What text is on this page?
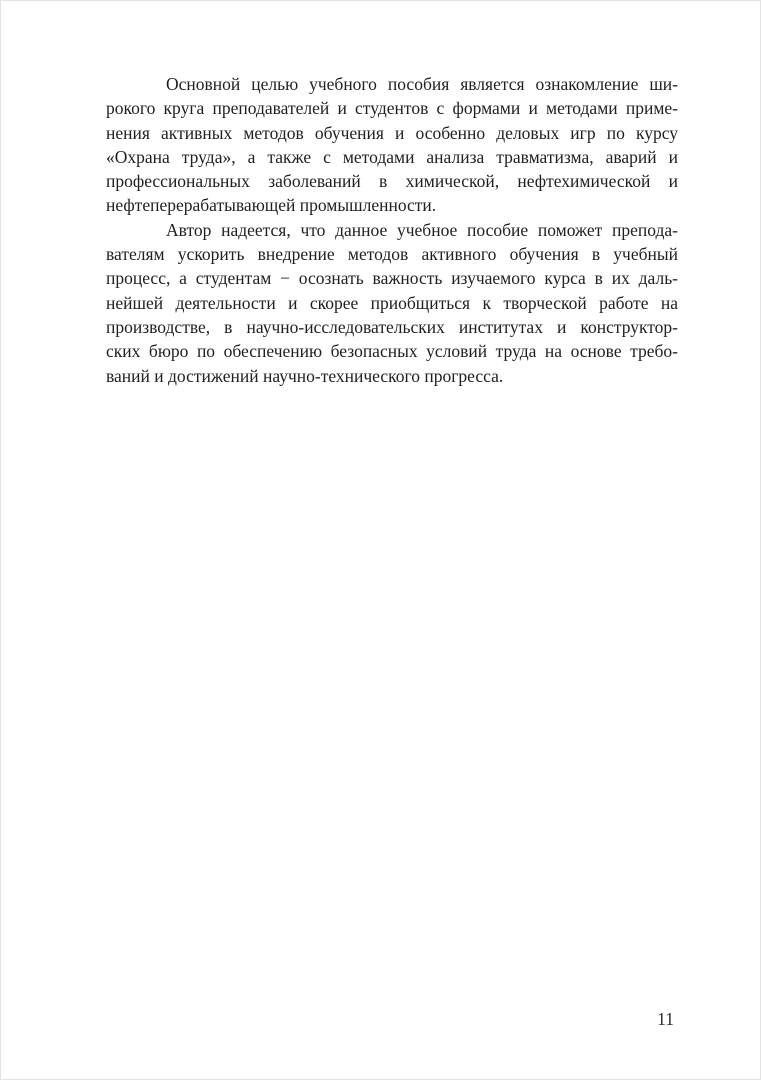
Основной целью учебного пособия является ознакомление ши-
рокого круга преподавателей и студентов с формами и методами приме-
нения активных методов обучения и особенно деловых игр по курсу
«Охрана труда», а также с методами анализа травматизма, аварий и
профессиональных заболеваний в химической, нефтехимической и
нефтеперерабатывающей промышленности.
Автор надеется, что данное учебное пособие поможет препода-
вателям ускорить внедрение методов активного обучения в учебный
процесс, а студентам − осознать важность изучаемого курса в их даль-
нейшей деятельности и скорее приобщиться к творческой работе на
производстве, в научно-исследовательских институтах и конструктор-
ских бюро по обеспечению безопасных условий труда на основе требо-
ваний и достижений научно-технического прогресса.
11
